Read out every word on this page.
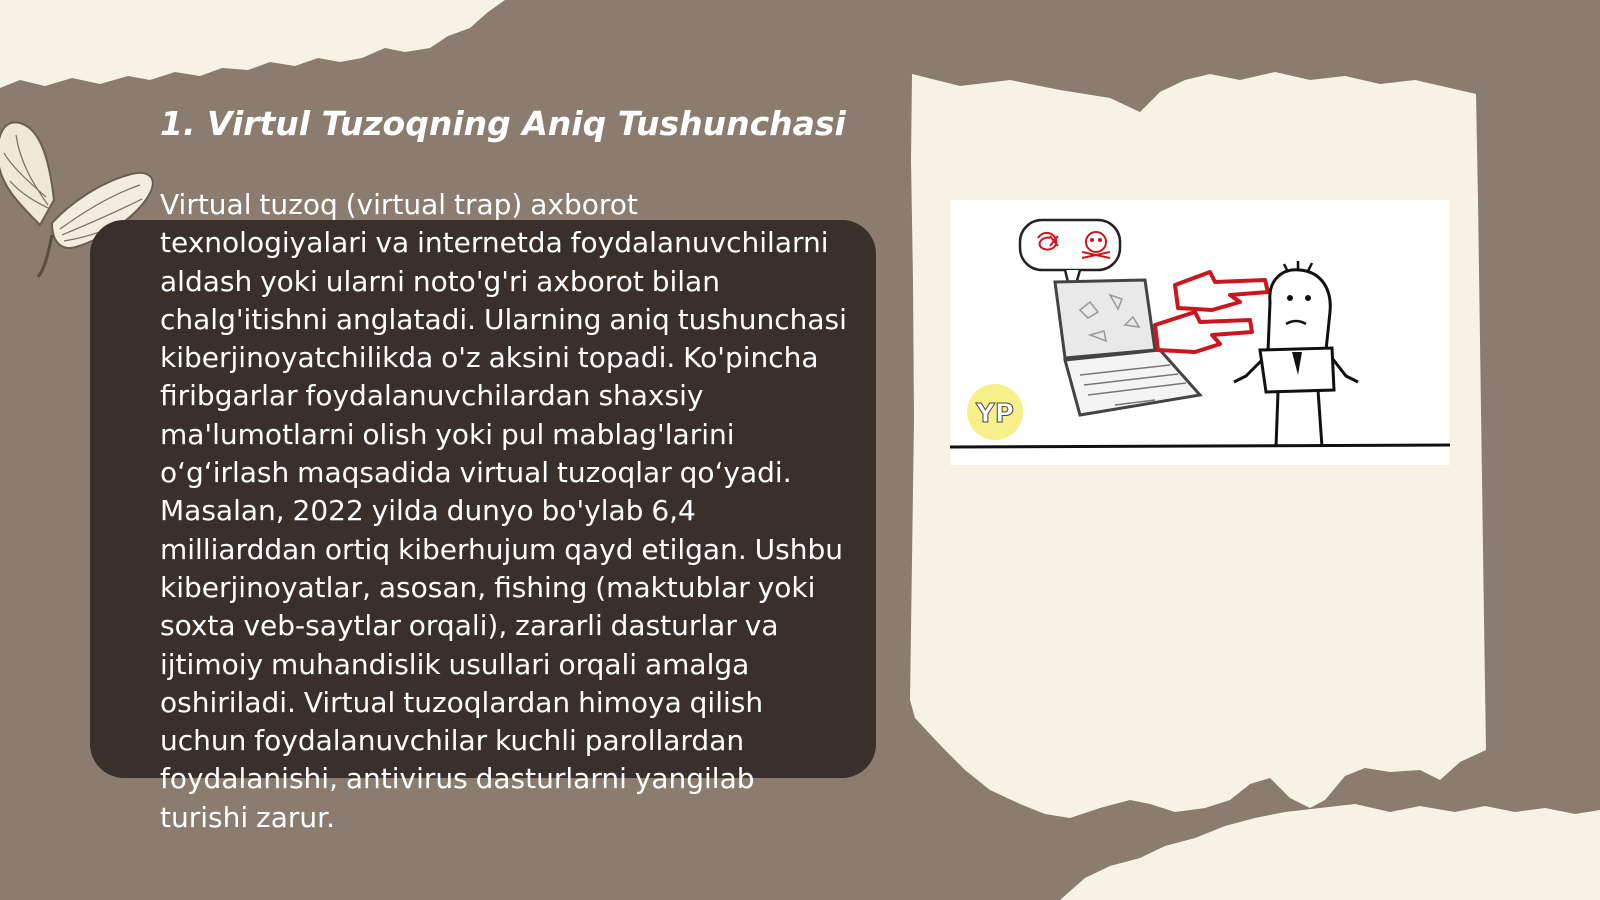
1. Virtul Tuzoqning Aniq Tushunchasi

Virtual tuzoq (virtual trap) axborot texnologiyalari va internetda foydalanuvchilarni aldash yoki ularni noto'g'ri axborot bilan chalg'itishni anglatadi. Ularning aniq tushunchasi kiberjinoyatchilikda o'z aksini topadi. Ko'pincha firibgarlar foydalanuvchilardan shaxsiy ma'lumotlarni olish yoki pul mablag'larini o‘g‘irlash maqsadida virtual tuzoqlar qo‘yadi. Masalan, 2022 yilda dunyo bo'ylab 6,4 milliarddan ortiq kiberhujum qayd etilgan. Ushbu kiberjinoyatlar, asosan, fishing (maktublar yoki soxta veb-saytlar orqali), zararli dasturlar va ijtimoiy muhandislik usullari orqali amalga oshiriladi. Virtual tuzoqlardan himoya qilish uchun foydalanuvchilar kuchli parollardan foydalanishi, antivirus dasturlarni yangilab turishi zarur.

YP
